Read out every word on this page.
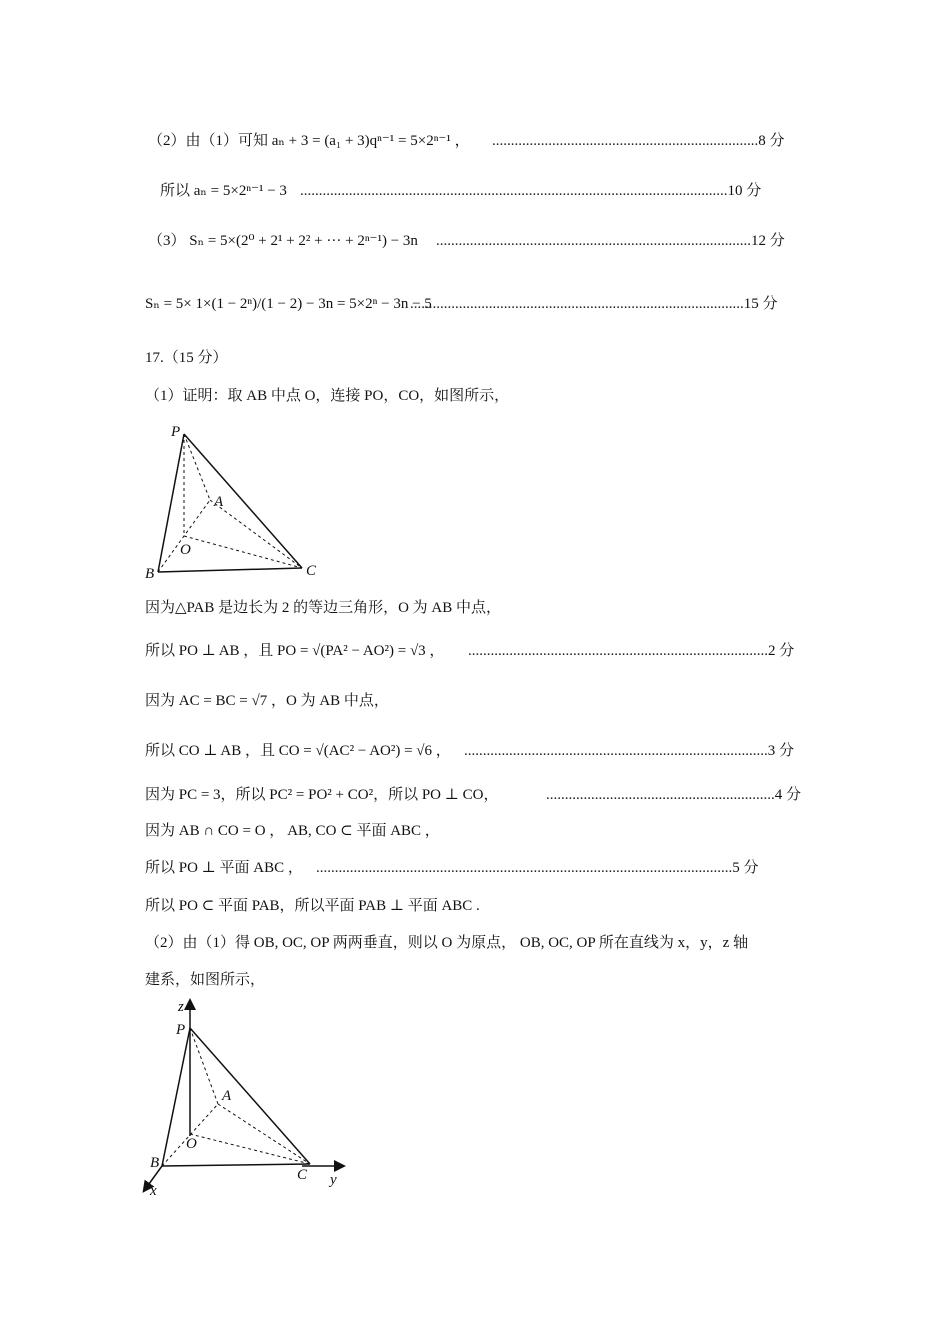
（2）由（1）可知 aₙ + 3 = (a₁ + 3)qⁿ⁻¹ = 5×2ⁿ⁻¹ ， .......................................................................8 分
所以 aₙ = 5×2ⁿ⁻¹ − 3 ..................................................................................................................10 分
（3） Sₙ = 5×(2⁰ + 2¹ + 2² + ··· + 2ⁿ⁻¹) − 3n ....................................................................................12 分
Sₙ = 5× 1×(1 − 2ⁿ)/(1 − 2) − 3n = 5×2ⁿ − 3n − 5
.........................................................................................15 分
17.（15 分）
（1）证明：取 AB 中点 O，连接 PO，CO，如图所示，
P
A
O
B	C
因为△PAB 是边长为 2 的等边三角形，O 为 AB 中点，
所以 PO ⊥ AB ，且 PO = √(PA² − AO²) = √3 ， ................................................................................2 分
因为 AC = BC = √7 ，O 为 AB 中点，
所以 CO ⊥ AB ，且 CO = √(AC² − AO²) = √6 ， .................................................................................3 分
因为 PC = 3，所以 PC² = PO² + CO²，所以 PO ⊥ CO，	.............................................................4 分
因为 AB ∩ CO = O ， AB, CO ⊂ 平面 ABC ，
所以 PO ⊥ 平面 ABC ， ...............................................................................................................5 分
所以 PO ⊂ 平面 PAB，所以平面 PAB ⊥ 平面 ABC .
（2）由（1）得 OB, OC, OP 两两垂直，则以 O 为原点， OB, OC, OP 所在直线为 x，y，z 轴
建系，如图所示，
z
P
A
O
B
C
x
y
